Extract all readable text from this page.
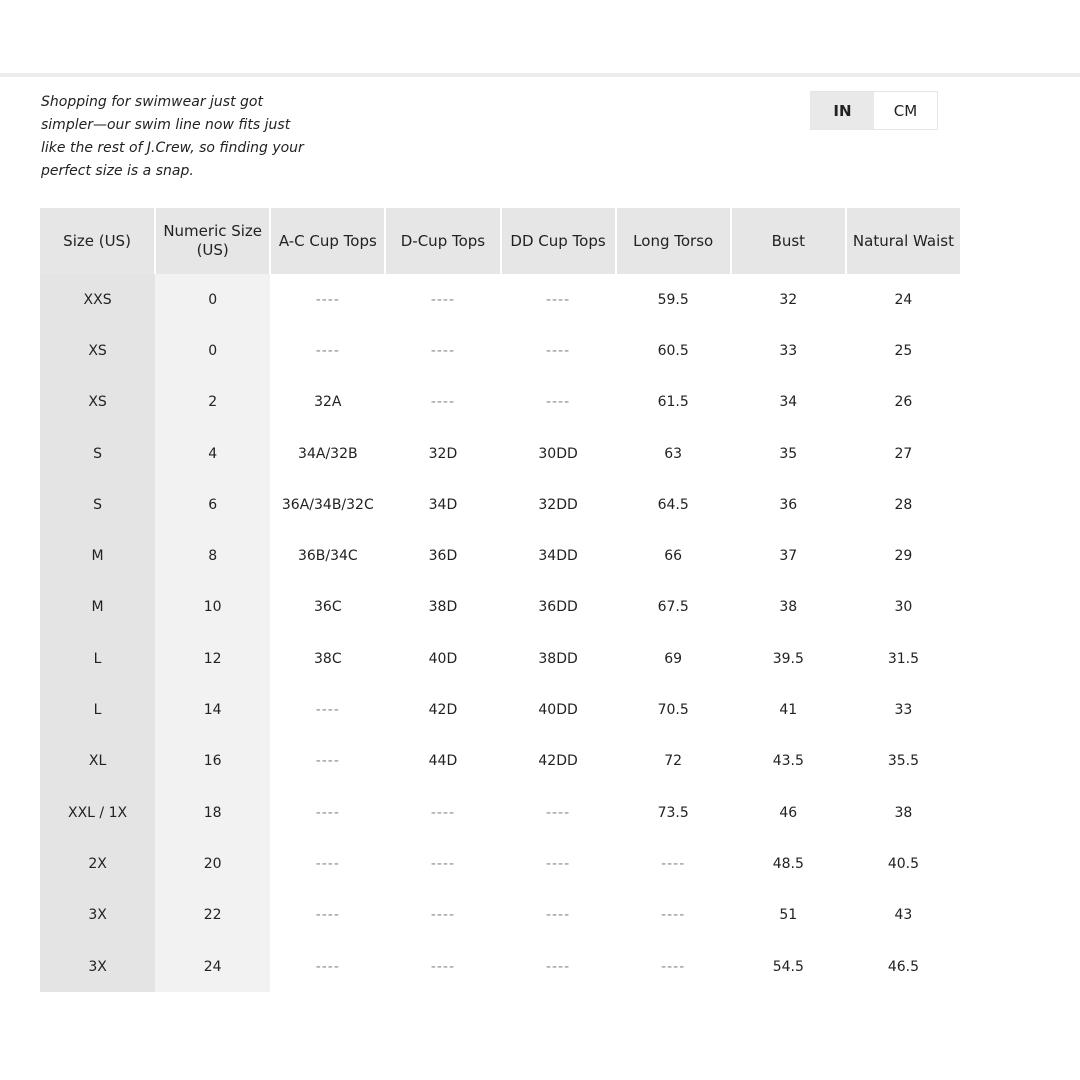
Shopping for swimwear just got simpler—our swim line now fits just like the rest of J.Crew, so finding your perfect size is a snap.

IN	CM
Size (US)	Numeric Size (US)	A-C Cup Tops	D-Cup Tops	DD Cup Tops	Long Torso	Bust	Natural Waist
XXS	0	----	----	----	59.5	32	24
XS	0	----	----	----	60.5	33	25
XS	2	32A	----	----	61.5	34	26
S	4	34A/32B	32D	30DD	63	35	27
S	6	36A/34B/32C	34D	32DD	64.5	36	28
M	8	36B/34C	36D	34DD	66	37	29
M	10	36C	38D	36DD	67.5	38	30
L	12	38C	40D	38DD	69	39.5	31.5
L	14	----	42D	40DD	70.5	41	33
XL	16	----	44D	42DD	72	43.5	35.5
XXL / 1X	18	----	----	----	73.5	46	38
2X	20	----	----	----	----	48.5	40.5
3X	22	----	----	----	----	51	43
3X	24	----	----	----	----	54.5	46.5
